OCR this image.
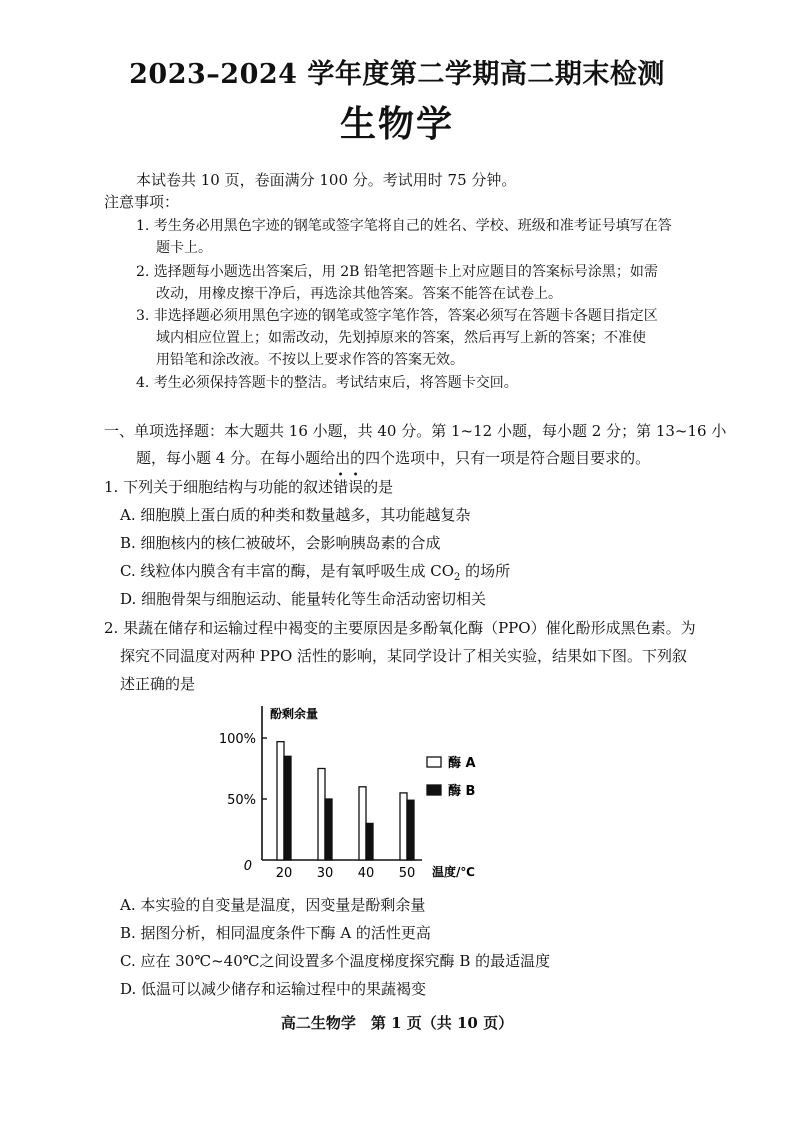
2023–2024 学年度第二学期高二期末检测
生物学
本试卷共 10 页，卷面满分 100 分。考试用时 75 分钟。
注意事项：
1. 考生务必用黑色字迹的钢笔或签字笔将自己的姓名、学校、班级和准考证号填写在答
题卡上。
2. 选择题每小题选出答案后，用 2B 铅笔把答题卡上对应题目的答案标号涂黑；如需
改动，用橡皮擦干净后，再选涂其他答案。答案不能答在试卷上。
3. 非选择题必须用黑色字迹的钢笔或签字笔作答，答案必须写在答题卡各题目指定区
域内相应位置上；如需改动，先划掉原来的答案，然后再写上新的答案；不准使
用铅笔和涂改液。不按以上要求作答的答案无效。
4. 考生必须保持答题卡的整洁。考试结束后，将答题卡交回。
一、单项选择题：本大题共 16 小题，共 40 分。第 1~12 小题，每小题 2 分；第 13~16 小
题，每小题 4 分。在每小题给出的四个选项中，只有一项是符合题目要求的。
1. 下列关于细胞结构与功能的叙述错误的是
A. 细胞膜上蛋白质的种类和数量越多，其功能越复杂
B. 细胞核内的核仁被破坏，会影响胰岛素的合成
C. 线粒体内膜含有丰富的酶，是有氧呼吸生成 $CO_2$ 的场所
D. 细胞骨架与细胞运动、能量转化等生命活动密切相关
2. 果蔬在储存和运输过程中褐变的主要原因是多酚氧化酶（PPO）催化酚形成黑色素。为
探究不同温度对两种 PPO 活性的影响，某同学设计了相关实验，结果如下图。下列叙
述正确的是
酚剩余量
0	温度/℃
100%
50%
20 30 40 50
酶 A
酶 B
A. 本实验的自变量是温度，因变量是酚剩余量
B. 据图分析，相同温度条件下酶 A 的活性更高
C. 应在 30℃~40℃之间设置多个温度梯度探究酶 B 的最适温度
D. 低温可以减少储存和运输过程中的果蔬褐变
高二生物学　第 1 页（共 10 页）
